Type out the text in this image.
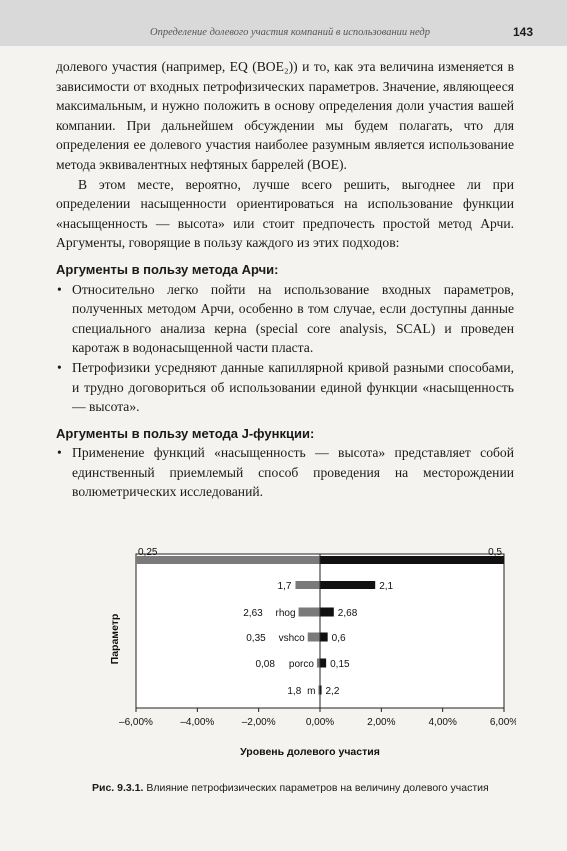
Определение долевого участия компаний в использовании недр	143

долевого участия (например, EQ (BOE₂)) и то, как эта величина изменяется в зависимости от входных петрофизических параметров. Значение, являющееся максимальным, и нужно положить в основу определения доли участия вашей компании. При дальнейшем обсуждении мы будем полагать, что для определения ее долевого участия наиболее разумным является использование метода эквивалентных нефтяных баррелей (BOE).

В этом месте, вероятно, лучше всего решить, выгоднее ли при определении насыщенности ориентироваться на использование функции «насыщенность — высота» или стоит предпочесть простой метод Арчи. Аргументы, говорящие в пользу каждого из этих подходов:

Аргументы в пользу метода Арчи:

• Относительно легко пойти на использование входных параметров, полученных методом Арчи, особенно в том случае, если доступны данные специального анализа керна (special core analysis, SCAL) и проведен каротаж в водонасыщенной части пласта.
• Петрофизики усредняют данные капиллярной кривой разными способами, и трудно договориться об использовании единой функции «насыщенность — высота».

Аргументы в пользу метода J-функции:

• Применение функций «насыщенность — высота» представляет собой единственный приемлемый способ проведения на месторождении волюметрических исследований.
0,25	0,5
1,7	2,1
2,63	2,68
rhog
0,35	0,6
vshco
0,08	0,15
porco
1,8 2,2
m
–6,00%	–4,00%	–2,00%	0,00%	2,00%	4,00%	6,00%
Уровень долевого участия
Параметр
Рис. 9.3.1. Влияние петрофизических параметров на величину долевого участия
